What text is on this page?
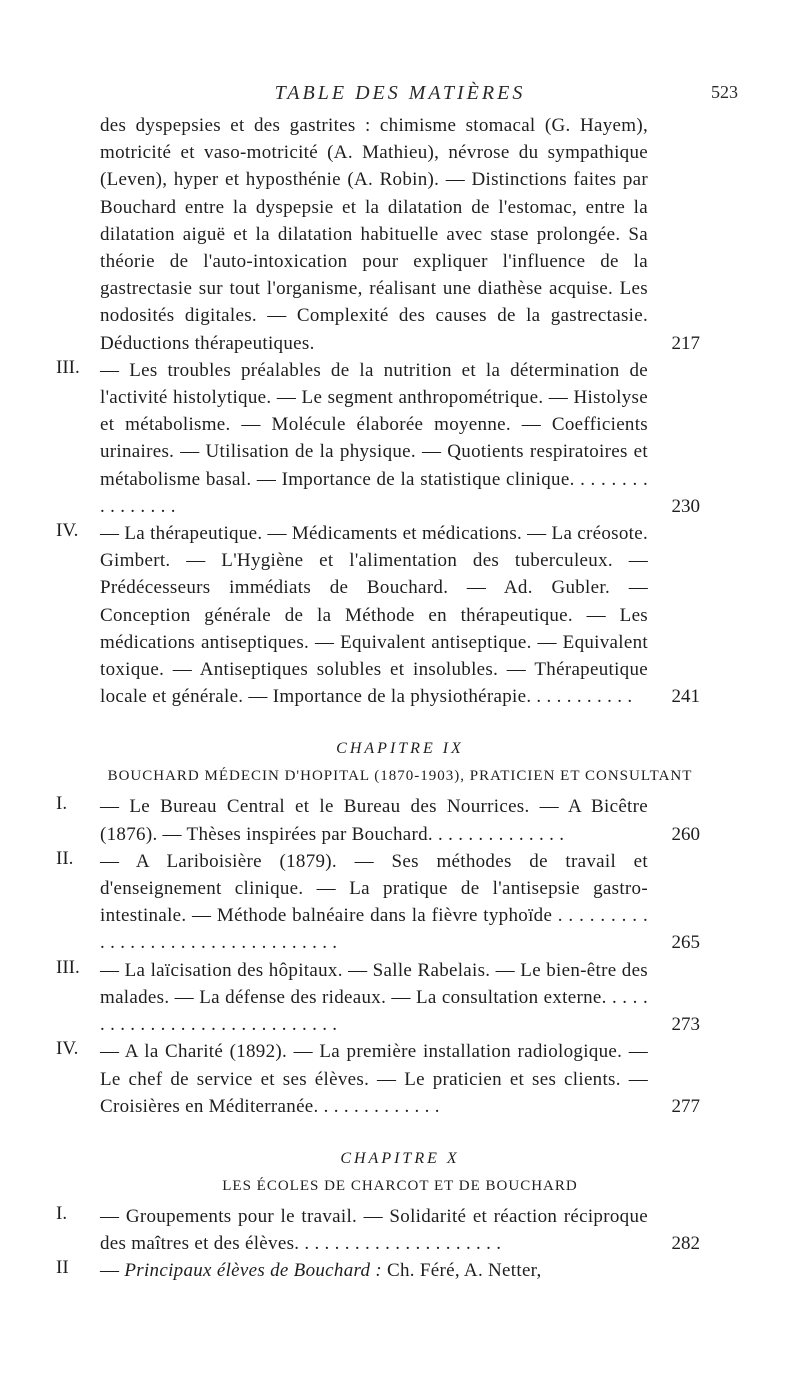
TABLE DES MATIÈRES	523
des dyspepsies et des gastrites : chimisme stomacal (G. Hayem), motricité et vaso-motricité (A. Mathieu), névrose du sympathique (Leven), hyper et hyposthénie (A. Robin). — Distinctions faites par Bouchard entre la dyspepsie et la dilatation de l'estomac, entre la dilatation aiguë et la dilatation habituelle avec stase prolongée. Sa théorie de l'auto-intoxication pour expliquer l'influence de la gastrectasie sur tout l'organisme, réalisant une diathèse acquise. Les nodosités digitales. — Complexité des causes de la gastrectasie. Déductions thérapeutiques.	217
III. — Les troubles préalables de la nutrition et la détermination de l'activité histolytique. — Le segment anthropométrique. — Histolyse et métabolisme. — Molécule élaborée moyenne. — Coefficients urinaires. — Utilisation de la physique. — Quotients respiratoires et métabolisme basal. — Importance de la statistique clinique. . . . . . . . . . . . . . . .	230
IV. — La thérapeutique. — Médicaments et médications. — La créosote. Gimbert. — L'Hygiène et l'alimentation des tuberculeux. — Prédécesseurs immédiats de Bouchard. — Ad. Gubler. — Conception générale de la Méthode en thérapeutique. — Les médications antiseptiques. — Equivalent antiseptique. — Equivalent toxique. — Antiseptiques solubles et insolubles. — Thérapeutique locale et générale. — Importance de la physiothérapie. . . . . . . . . . .	241
CHAPITRE IX
BOUCHARD MÉDECIN D'HOPITAL (1870-1903), PRATICIEN ET CONSULTANT
I. — Le Bureau Central et le Bureau des Nourrices. — A Bicêtre (1876). — Thèses inspirées par Bouchard. . . . . . . . . . . . . .	260
II. — A Lariboisière (1879). — Ses méthodes de travail et d'enseignement clinique. — La pratique de l'antisepsie gastro-intestinale. — Méthode balnéaire dans la fièvre typhoïde . . . . . . . . . . . . . . . . . . . . . . . . . . . . . . . . .	265
III. — La laïcisation des hôpitaux. — Salle Rabelais. — Le bien-être des malades. — La défense des rideaux. — La consultation externe. . . . . . . . . . . . . . . . . . . . . . . . . . . . .	273
IV. — A la Charité (1892). — La première installation radiologique. — Le chef de service et ses élèves. — Le praticien et ses clients. — Croisières en Méditerranée. . . . . . . . . . . . .	277
CHAPITRE X
LES ÉCOLES DE CHARCOT ET DE BOUCHARD
I. — Groupements pour le travail. — Solidarité et réaction réciproque des maîtres et des élèves. . . . . . . . . . . . . . . . . . . . .	282
II — Principaux élèves de Bouchard : Ch. Féré, A. Netter,
